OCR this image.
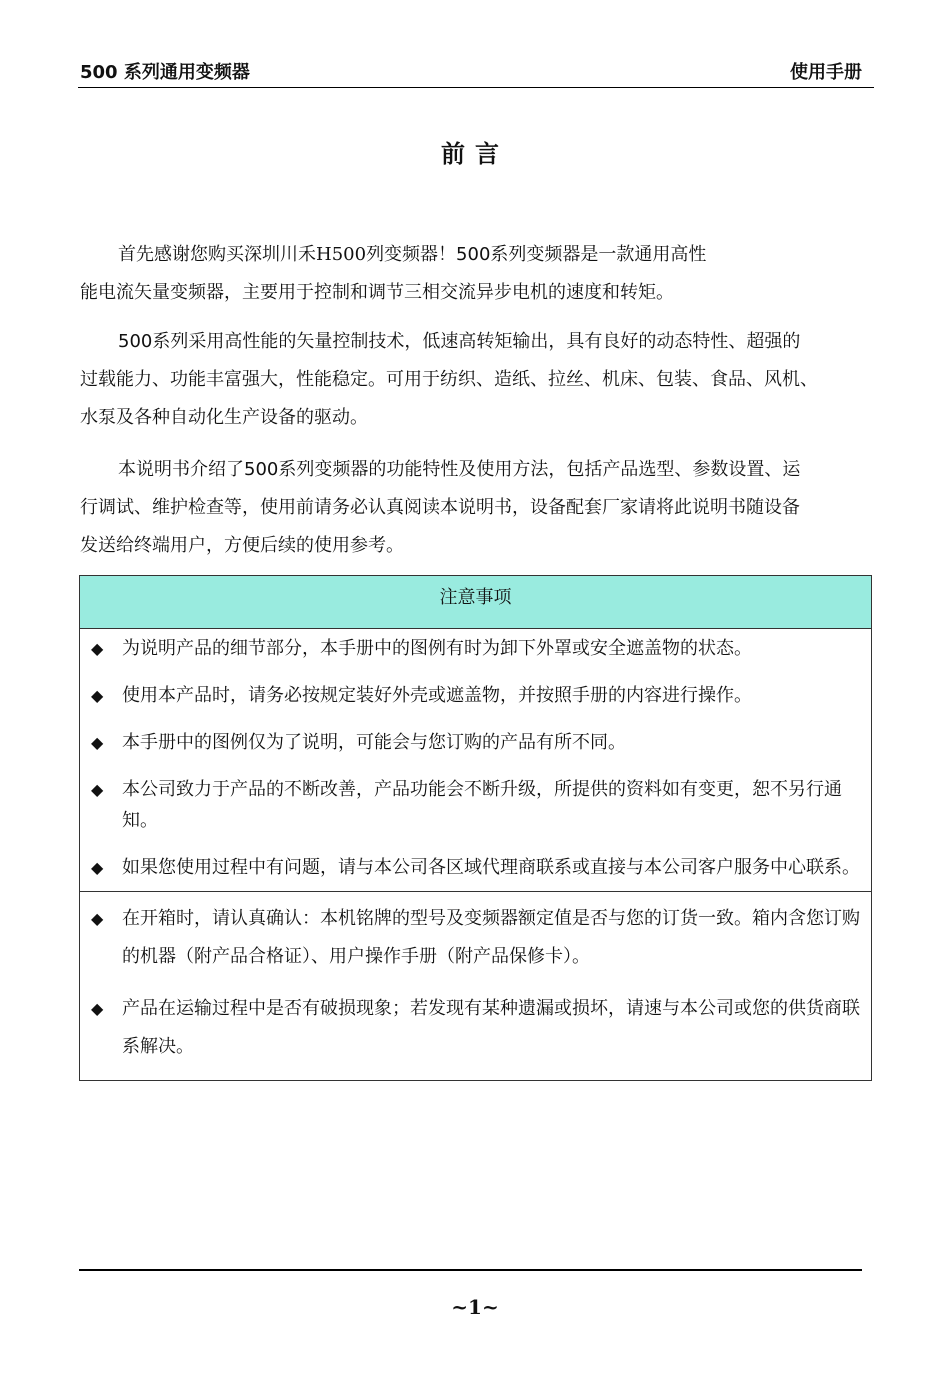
500 系列通用变频器	使用手册
前言
首先感谢您购买深圳川禾H500列变频器！500系列变频器是一款通用高性
能电流矢量变频器，主要用于控制和调节三相交流异步电机的速度和转矩。
500系列采用高性能的矢量控制技术，低速高转矩输出，具有良好的动态特性、超强的
过载能力、功能丰富强大，性能稳定。可用于纺织、造纸、拉丝、机床、包装、食品、风机、
水泵及各种自动化生产设备的驱动。
本说明书介绍了500系列变频器的功能特性及使用方法，包括产品选型、参数设置、运
行调试、维护检查等，使用前请务必认真阅读本说明书，设备配套厂家请将此说明书随设备
发送给终端用户，方便后续的使用参考。
注意事项
◆ 为说明产品的细节部分，本手册中的图例有时为卸下外罩或安全遮盖物的状态。
◆ 使用本产品时，请务必按规定装好外壳或遮盖物，并按照手册的内容进行操作。
◆ 本手册中的图例仅为了说明，可能会与您订购的产品有所不同。
◆ 本公司致力于产品的不断改善，产品功能会不断升级，所提供的资料如有变更，恕不另行通知。
◆ 如果您使用过程中有问题，请与本公司各区域代理商联系或直接与本公司客户服务中心联系。
◆ 在开箱时，请认真确认：本机铭牌的型号及变频器额定值是否与您的订货一致。箱内含您订购的机器（附产品合格证）、用户操作手册（附产品保修卡）。
◆ 产品在运输过程中是否有破损现象；若发现有某种遗漏或损坏，请速与本公司或您的供货商联系解决。
~1~
